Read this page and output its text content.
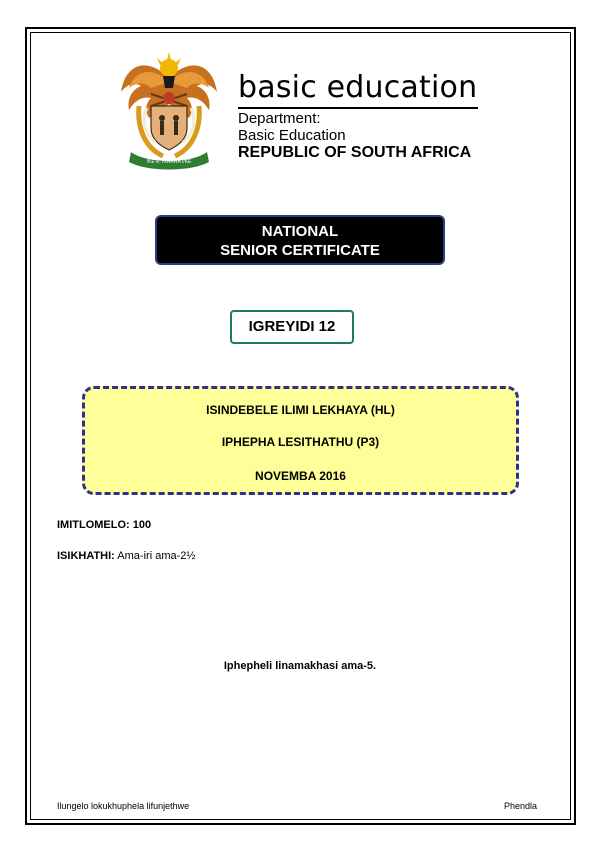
!KE E: /XARRA //KE
basic education
Department:
Basic Education
REPUBLIC OF SOUTH AFRICA
NATIONAL
SENIOR CERTIFICATE
IGREYIDI 12
ISINDEBELE ILIMI LEKHAYA (HL)
IPHEPHA LESITHATHU (P3)
NOVEMBA 2016
IMITLOMELO: 100
ISIKHATHI: Ama-iri ama-2½
Iphepheli linamakhasi ama-5.
Ilungelo lokukhuphela lifunjethwe	Phendla
